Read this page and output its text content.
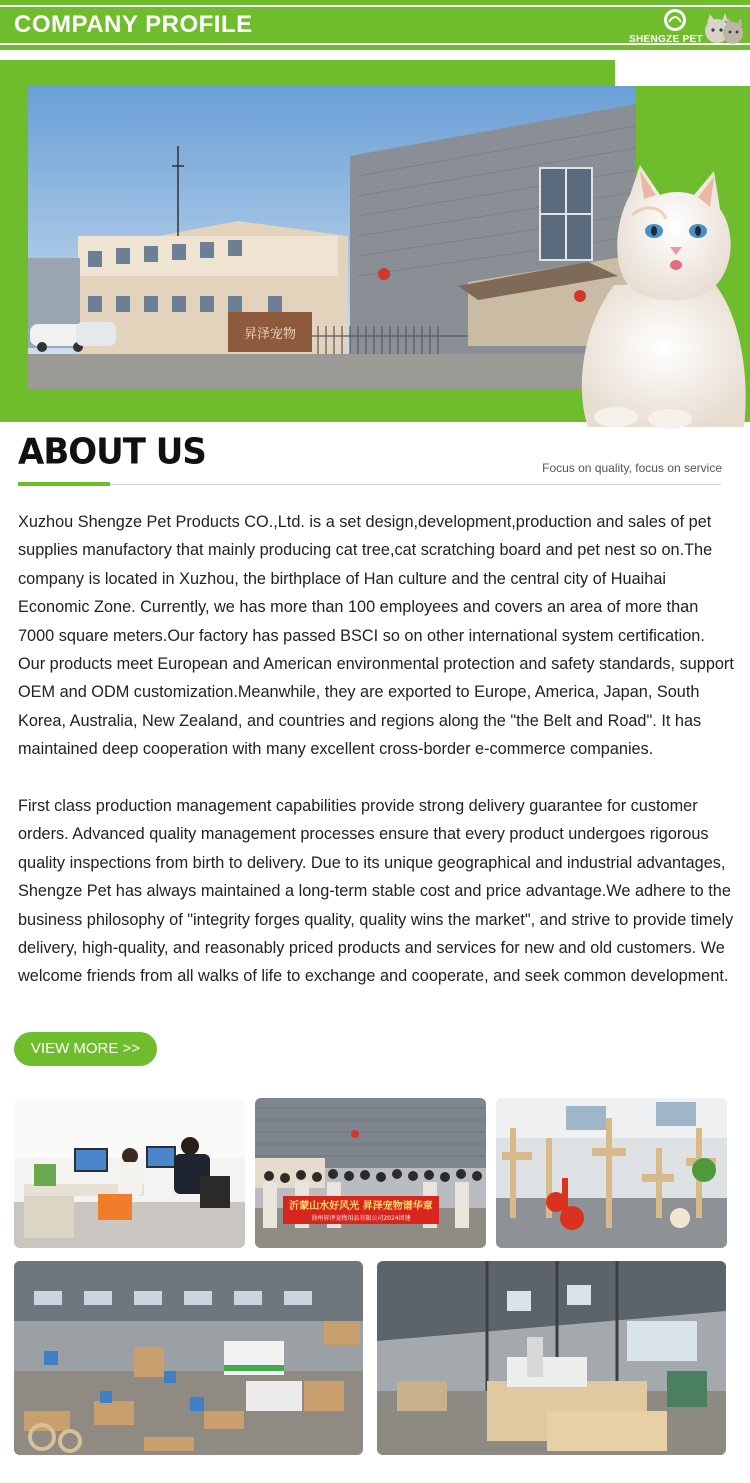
COMPANY PROFILE
SHENGZE PET
昇泽宠物
ABOUT US	Focus on quality, focus on service

Xuzhou Shengze Pet Products CO.,Ltd. is a set design,development,production and sales of pet supplies manufactory that mainly producing cat tree,cat scratching board and pet nest so on.The company is located in Xuzhou, the birthplace of Han culture and the central city of Huaihai Economic Zone. Currently, we has more than 100 employees and covers an area of more than 7000 square meters.Our factory has passed BSCI so on other international system certification. Our products meet European and American environmental protection and safety standards, support OEM and ODM customization.Meanwhile, they are exported to Europe, America, Japan, South Korea, Australia, New Zealand, and countries and regions along the "the Belt and Road". It has maintained deep cooperation with many excellent cross-border e-commerce companies.

First class production management capabilities provide strong delivery guarantee for customer orders. Advanced quality management processes ensure that every product undergoes rigorous quality inspections from birth to delivery. Due to its unique geographical and industrial advantages, Shengze Pet has always maintained a long-term stable cost and price advantage.We adhere to the business philosophy of "integrity forges quality, quality wins the market", and strive to provide timely delivery, high-quality, and reasonably priced products and services for new and old customers. We welcome friends from all walks of life to exchange and cooperate, and seek common development.

VIEW MORE >>
沂蒙山水好风光 昇泽宠物谱华章
徐州昇泽宠物用品有限公司2024团建
